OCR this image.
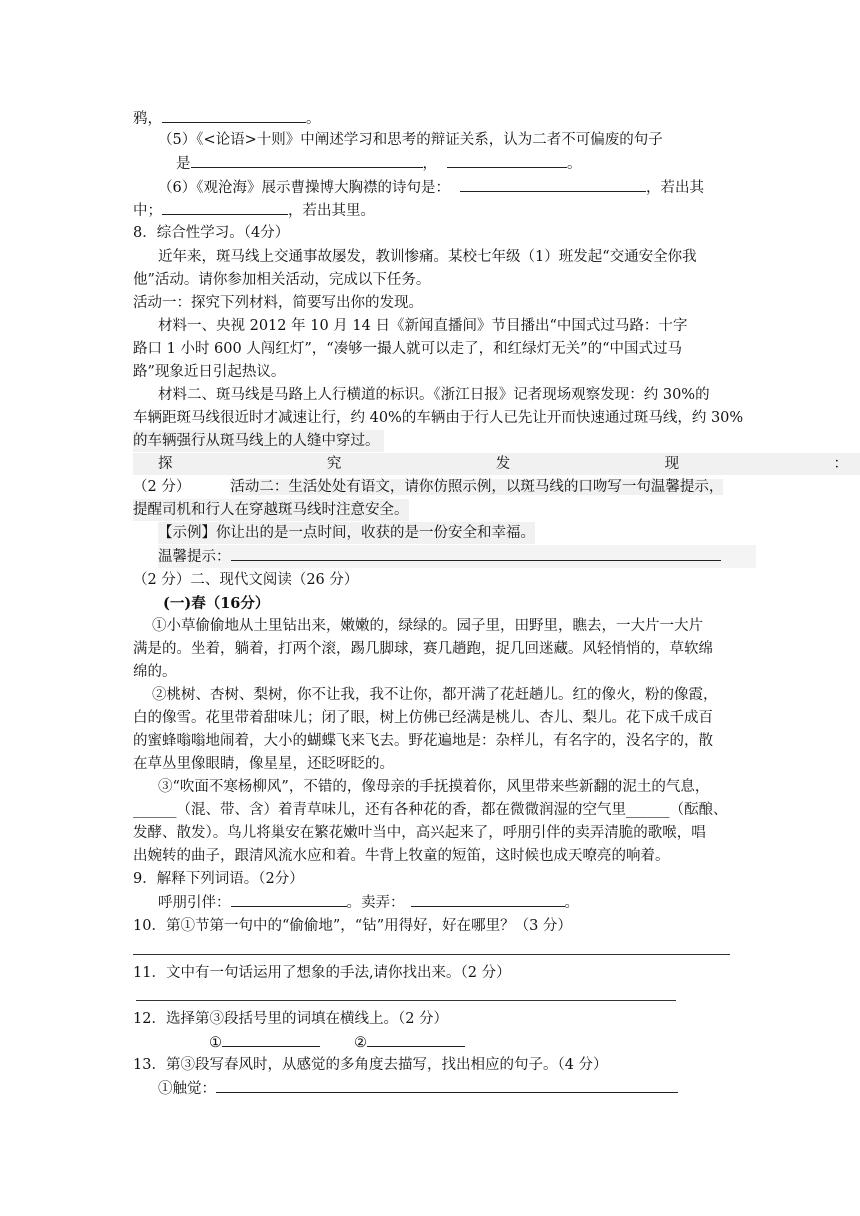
鸦，	。
（5）《<论语>十则》中阐述学习和思考的辩证关系，认为二者不可偏废的句子
是	，	。
（6）《观沧海》展示曹操博大胸襟的诗句是：	，若出其
中；	，若出其里。
8．综合性学习。（4分）
近年来，斑马线上交通事故屡发，教训惨痛。某校七年级（1）班发起“交通安全你我
他”活动。请你参加相关活动，完成以下任务。
活动一：探究下列材料，简要写出你的发现。
材料一、央视 2012 年 10 月 14 日《新闻直播间》节目播出“中国式过马路：十字
路口 1 小时 600 人闯红灯”，“凑够一撮人就可以走了，和红绿灯无关”的“中国式过马
路”现象近日引起热议。
材料二、斑马线是马路上人行横道的标识。《浙江日报》记者现场观察发现：约 30%的
车辆距斑马线很近时才减速让行，约 40%的车辆由于行人已先让开而快速通过斑马线，约 30%
的车辆强行从斑马线上的人缝中穿过。
探	究	发	现	：
（2 分）	活动二：生活处处有语文，请你仿照示例，以斑马线的口吻写一句温馨提示，
提醒司机和行人在穿越斑马线时注意安全。
【示例】你让出的是一点时间，收获的是一份安全和幸福。
温馨提示：
（2 分）二、现代文阅读（26 分）
(一)春（16分）
①小草偷偷地从土里钻出来，嫩嫩的，绿绿的。园子里，田野里，瞧去，一大片一大片
满是的。坐着，躺着，打两个滚，踢几脚球，赛几趟跑，捉几回迷藏。风轻悄悄的，草软绵
绵的。
②桃树、杏树、梨树，你不让我，我不让你，都开满了花赶趟儿。红的像火，粉的像霞，
白的像雪。花里带着甜味儿；闭了眼，树上仿佛已经满是桃儿、杏儿、梨儿。花下成千成百
的蜜蜂嗡嗡地闹着，大小的蝴蝶飞来飞去。野花遍地是：杂样儿，有名字的，没名字的，散
在草丛里像眼睛，像星星，还眨呀眨的。
③“吹面不寒杨柳风”，不错的，像母亲的手抚摸着你，风里带来些新翻的泥土的气息，
______（混、带、含）着青草味儿，还有各种花的香，都在微微润湿的空气里______（酝酿、
发酵、散发）。鸟儿将巢安在繁花嫩叶当中，高兴起来了，呼朋引伴的卖弄清脆的歌喉，唱
出婉转的曲子，跟清风流水应和着。牛背上牧童的短笛，这时候也成天嘹亮的响着。
9．解释下列词语。（2分）
呼朋引伴：	。卖弄：	。
10．第①节第一句中的“偷偷地”，“钻”用得好，好在哪里？（3 分）
11．文中有一句话运用了想象的手法,请你找出来。（2 分）
12．选择第③段括号里的词填在横线上。（2 分）
①	②
13．第③段写春风时，从感觉的多角度去描写，找出相应的句子。（4 分）
①触觉：
